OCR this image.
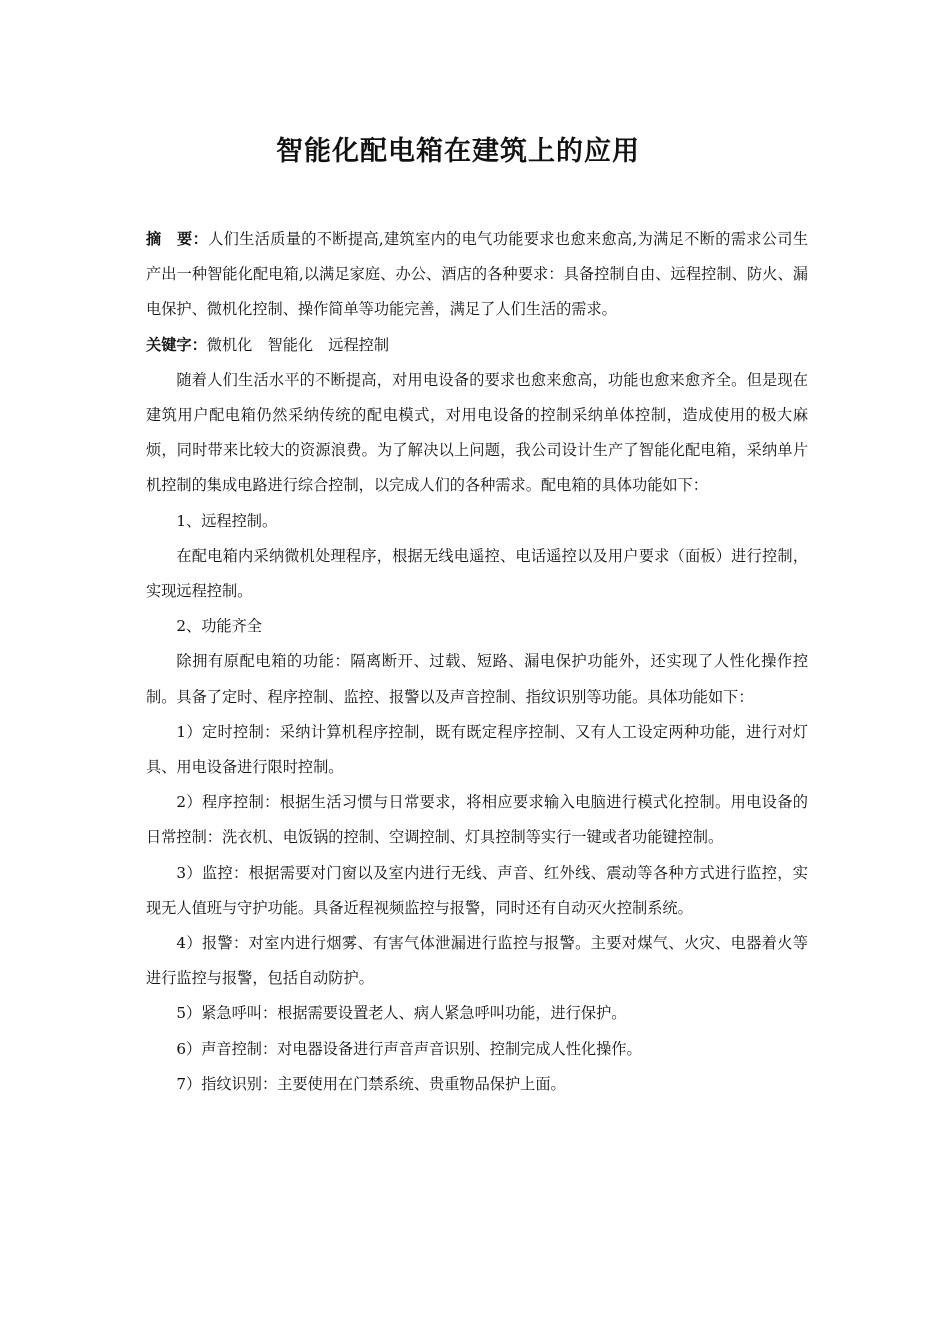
智能化配电箱在建筑上的应用

摘　要：人们生活质量的不断提高,建筑室内的电气功能要求也愈来愈高,为满足不断的需求公司生产出一种智能化配电箱,以满足家庭、办公、酒店的各种要求：具备控制自由、远程控制、防火、漏电保护、微机化控制、操作简单等功能完善，满足了人们生活的需求。

关键字：微机化　智能化　远程控制

随着人们生活水平的不断提高，对用电设备的要求也愈来愈高，功能也愈来愈齐全。但是现在建筑用户配电箱仍然采纳传统的配电模式，对用电设备的控制采纳单体控制，造成使用的极大麻烦，同时带来比较大的资源浪费。为了解决以上问题，我公司设计生产了智能化配电箱，采纳单片机控制的集成电路进行综合控制，以完成人们的各种需求。配电箱的具体功能如下：

1、远程控制。

在配电箱内采纳微机处理程序，根据无线电遥控、电话遥控以及用户要求（面板）进行控制，实现远程控制。

2、功能齐全

除拥有原配电箱的功能：隔离断开、过载、短路、漏电保护功能外，还实现了人性化操作控制。具备了定时、程序控制、监控、报警以及声音控制、指纹识别等功能。具体功能如下：

1）定时控制：采纳计算机程序控制，既有既定程序控制、又有人工设定两种功能，进行对灯具、用电设备进行限时控制。

2）程序控制：根据生活习惯与日常要求，将相应要求输入电脑进行模式化控制。用电设备的日常控制：洗衣机、电饭锅的控制、空调控制、灯具控制等实行一键或者功能键控制。

3）监控：根据需要对门窗以及室内进行无线、声音、红外线、震动等各种方式进行监控，实现无人值班与守护功能。具备近程视频监控与报警，同时还有自动灭火控制系统。

4）报警：对室内进行烟雾、有害气体泄漏进行监控与报警。主要对煤气、火灾、电器着火等进行监控与报警，包括自动防护。

5）紧急呼叫：根据需要设置老人、病人紧急呼叫功能，进行保护。

6）声音控制：对电器设备进行声音声音识别、控制完成人性化操作。

7）指纹识别：主要使用在门禁系统、贵重物品保护上面。
